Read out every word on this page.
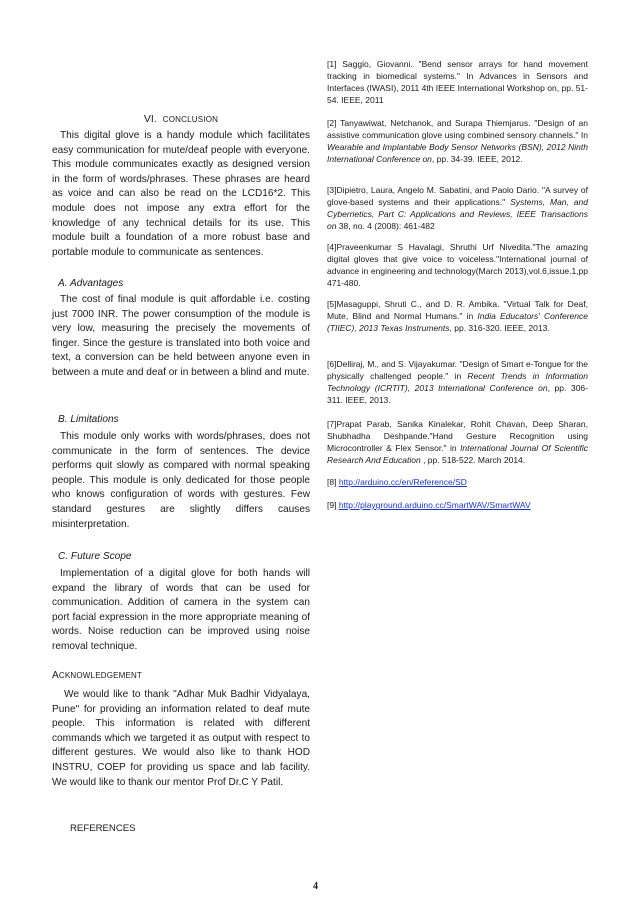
VI. CONCLUSION

This digital glove is a handy module which facilitates easy communication for mute/deaf people with everyone. This module communicates exactly as designed version in the form of words/phrases. These phrases are heard as voice and can also be read on the LCD16*2. This module does not impose any extra effort for the knowledge of any technical details for its use. This module built a foundation of a more robust base and portable module to communicate as sentences.

A. Advantages

The cost of final module is quit affordable i.e. costing just 7000 INR. The power consumption of the module is very low, measuring the precisely the movements of finger. Since the gesture is translated into both voice and text, a conversion can be held between anyone even in between a mute and deaf or in between a blind and mute.

B. Limitations

This module only works with words/phrases, does not communicate in the form of sentences. The device performs quit slowly as compared with normal speaking people. This module is only dedicated for those people who knows configuration of words with gestures. Few standard gestures are slightly differs causes misinterpretation.

C. Future Scope

Implementation of a digital glove for both hands will expand the library of words that can be used for communication. Addition of camera in the system can port facial expression in the more appropriate meaning of words. Noise reduction can be improved using noise removal technique.

ACKNOWLEDGEMENT

We would like to thank ''Adhar Muk Badhir Vidyalaya, Pune'' for providing an information related to deaf mute people. This information is related with different commands which we targeted it as output with respect to different gestures. We would also like to thank HOD INSTRU, COEP for providing us space and lab facility. We would like to thank our mentor Prof Dr.C Y Patil.

REFERENCES

[1] Saggio, Giovanni. "Bend sensor arrays for hand movement tracking in biomedical systems." In Advances in Sensors and Interfaces (IWASI), 2011 4th IEEE International Workshop on, pp. 51-54. IEEE, 2011

[2] Tanyawiwat, Netchanok, and Surapa Thiemjarus. "Design of an assistive communication glove using combined sensory channels." In Wearable and Implantable Body Sensor Networks (BSN), 2012 Ninth International Conference on, pp. 34-39. IEEE, 2012.

[3]Dipietro, Laura, Angelo M. Sabatini, and Paolo Dario. "A survey of glove-based systems and their applications." Systems, Man, and Cybernetics, Part C: Applications and Reviews, IEEE Transactions on 38, no. 4 (2008): 461-482

[4]Praveenkumar S Havalagi, Shruthi Urf Nivedita."The amazing digital gloves that give voice to voiceless."International journal of advance in engineering and technology(March 2013),vol.6,issue.1,pp 471-480.

[5]Masaguppi, Shruti C., and D. R. Ambika. "Virtual Talk for Deaf, Mute, Blind and Normal Humans." in India Educators' Conference (TIIEC), 2013 Texas Instruments, pp. 316-320. IEEE, 2013.

[6]Delliraj, M., and S. Vijayakumar. "Design of Smart e-Tongue for the physically challenged people." in Recent Trends in Information Technology (ICRTIT), 2013 International Conference on, pp. 306-311. IEEE, 2013.

[7]Prapat Parab, Sanika Kinalekar, Rohit Chavan, Deep Sharan, Shubhadha Deshpande."Hand Gesture Recognition using Microcontroller & Flex Sensor." in International Journal Of Scientific Research And Education , pp. 518-522. March 2014.

[8] http://arduino.cc/en/Reference/SD

[9] http://playground.arduino.cc/SmartWAV/SmartWAV

4
